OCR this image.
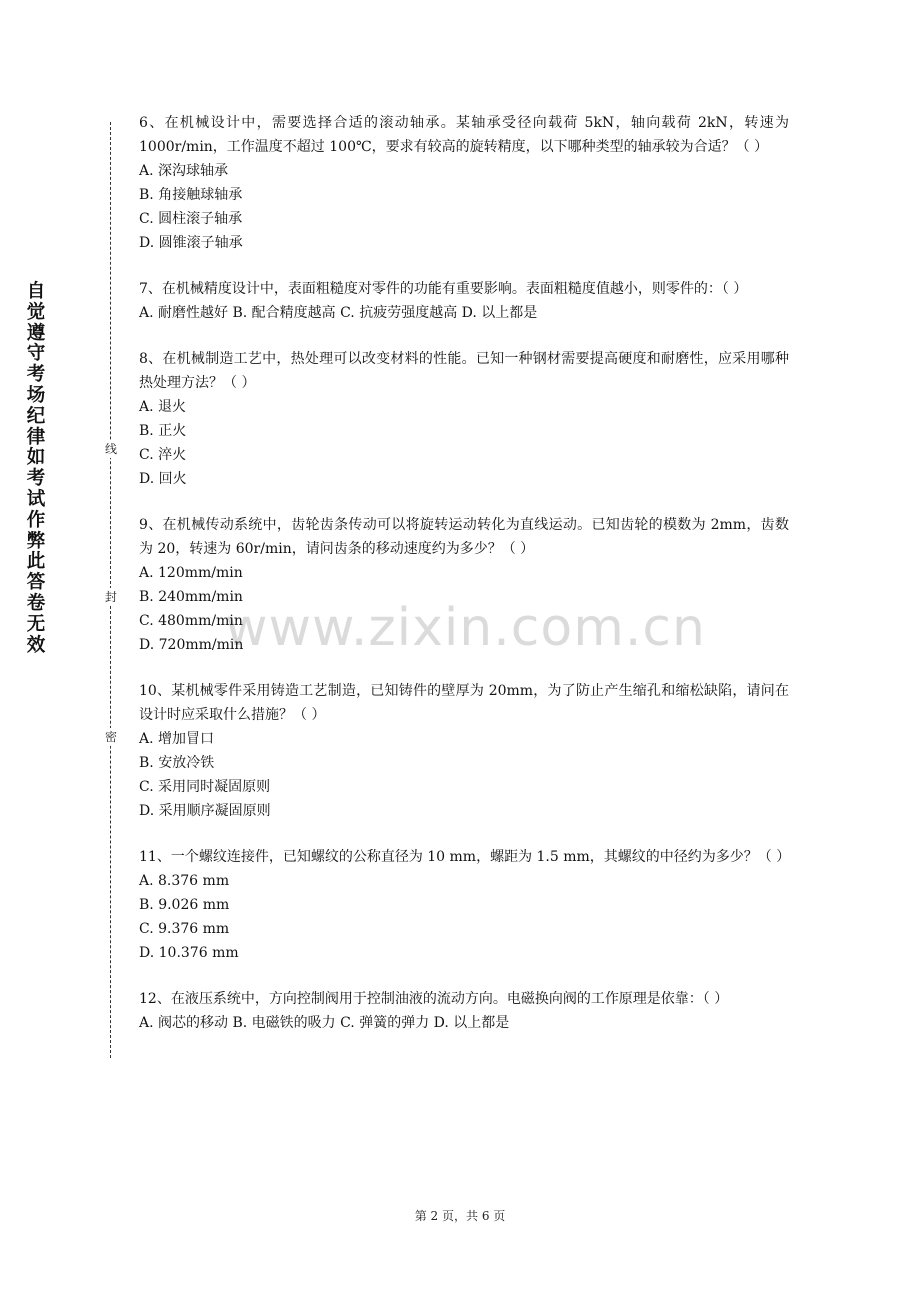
自觉遵守考场纪律如考试作弊此答卷无效
线
封
密
www.zixin.com.cn
6、在机械设计中，需要选择合适的滚动轴承。某轴承受径向载荷 5kN，轴向载荷 2kN，转速为 1000r/min，工作温度不超过 100℃，要求有较高的旋转精度，以下哪种类型的轴承较为合适？（ ）
A. 深沟球轴承
B. 角接触球轴承
C. 圆柱滚子轴承
D. 圆锥滚子轴承
7、在机械精度设计中，表面粗糙度对零件的功能有重要影响。表面粗糙度值越小，则零件的：（ ）
A. 耐磨性越好 B. 配合精度越高 C. 抗疲劳强度越高 D. 以上都是
8、在机械制造工艺中，热处理可以改变材料的性能。已知一种钢材需要提高硬度和耐磨性，应采用哪种热处理方法？（ ）
A. 退火
B. 正火
C. 淬火
D. 回火
9、在机械传动系统中，齿轮齿条传动可以将旋转运动转化为直线运动。已知齿轮的模数为 2mm，齿数为 20，转速为 60r/min，请问齿条的移动速度约为多少？（ ）
A. 120mm/min
B. 240mm/min
C. 480mm/min
D. 720mm/min
10、某机械零件采用铸造工艺制造，已知铸件的壁厚为 20mm，为了防止产生缩孔和缩松缺陷，请问在设计时应采取什么措施？（ ）
A. 增加冒口
B. 安放冷铁
C. 采用同时凝固原则
D. 采用顺序凝固原则
11、一个螺纹连接件，已知螺纹的公称直径为 10 mm，螺距为 1.5 mm，其螺纹的中径约为多少？（ ）
A. 8.376 mm
B. 9.026 mm
C. 9.376 mm
D. 10.376 mm
12、在液压系统中，方向控制阀用于控制油液的流动方向。电磁换向阀的工作原理是依靠：（ ）
A. 阀芯的移动 B. 电磁铁的吸力 C. 弹簧的弹力 D. 以上都是
第 2 页，共 6 页
